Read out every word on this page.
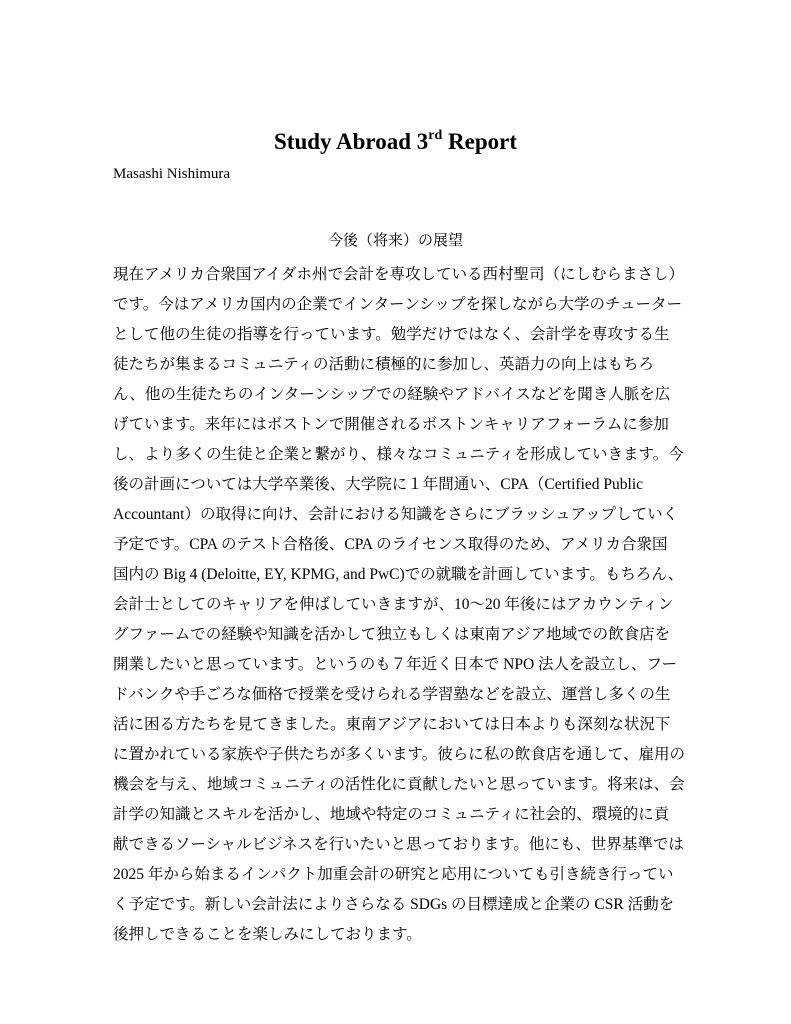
Study Abroad 3rd Report
Masashi Nishimura
今後（将来）の展望
現在アメリカ合衆国アイダホ州で会計を専攻している西村聖司（にしむらまさし）
です。今はアメリカ国内の企業でインターンシップを探しながら大学のチューター
として他の生徒の指導を行っています。勉学だけではなく、会計学を専攻する生
徒たちが集まるコミュニティの活動に積極的に参加し、英語力の向上はもちろ
ん、他の生徒たちのインターンシップでの経験やアドバイスなどを聞き人脈を広
げています。来年にはボストンで開催されるボストンキャリアフォーラムに参加
し、より多くの生徒と企業と繋がり、様々なコミュニティを形成していきます。今
後の計画については大学卒業後、大学院に１年間通い、CPA（Certified Public
Accountant）の取得に向け、会計における知識をさらにブラッシュアップしていく
予定です。CPA のテスト合格後、CPA のライセンス取得のため、アメリカ合衆国
国内の Big 4 (Deloitte, EY, KPMG, and PwC)での就職を計画しています。もちろん、
会計士としてのキャリアを伸ばしていきますが、10～20 年後にはアカウンティン
グファームでの経験や知識を活かして独立もしくは東南アジア地域での飲食店を
開業したいと思っています。というのも７年近く日本で NPO 法人を設立し、フー
ドバンクや手ごろな価格で授業を受けられる学習塾などを設立、運営し多くの生
活に困る方たちを見てきました。東南アジアにおいては日本よりも深刻な状況下
に置かれている家族や子供たちが多くいます。彼らに私の飲食店を通して、雇用の
機会を与え、地域コミュニティの活性化に貢献したいと思っています。将来は、会
計学の知識とスキルを活かし、地域や特定のコミュニティに社会的、環境的に貢
献できるソーシャルビジネスを行いたいと思っております。他にも、世界基準では
2025 年から始まるインパクト加重会計の研究と応用についても引き続き行ってい
く予定です。新しい会計法によりさらなる SDGs の目標達成と企業の CSR 活動を
後押しできることを楽しみにしております。
